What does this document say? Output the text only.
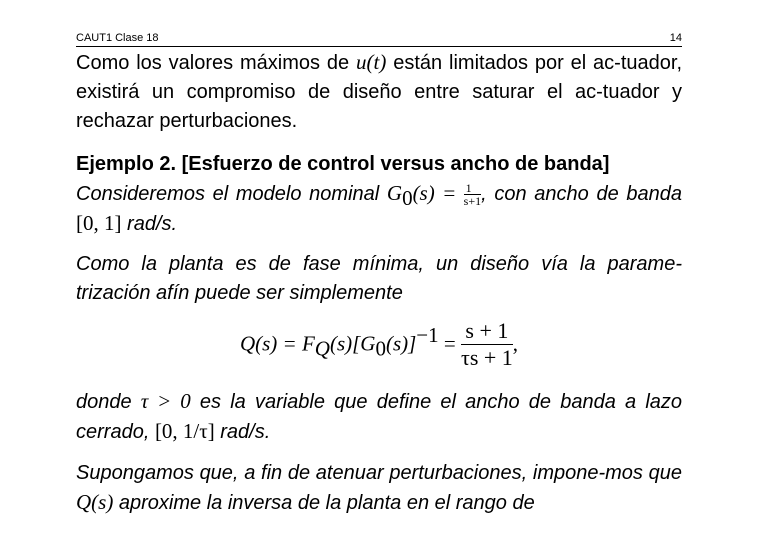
CAUT1 Clase 18	14
Como los valores máximos de u(t) están limitados por el ac-tuador, existirá un compromiso de diseño entre saturar el ac-tuador y rechazar perturbaciones.
Ejemplo 2. [Esfuerzo de control versus ancho de banda]
Consideremos el modelo nominal $G_0(s) = \frac{1}{s+1}$ , con ancho de banda [0, 1] rad/s.
Como la planta es de fase mínima, un diseño vía la parame-trización afín puede ser simplemente
$Q(s) = F_Q(s)[G_0(s)]^{-1} = \frac{s + 1}{\tau s + 1}$ ,
donde τ > 0 es la variable que define el ancho de banda a lazo cerrado, [0, 1/τ] rad/s.
Supongamos que, a fin de atenuar perturbaciones, impone-mos que Q(s) aproxime la inversa de la planta en el rango de
